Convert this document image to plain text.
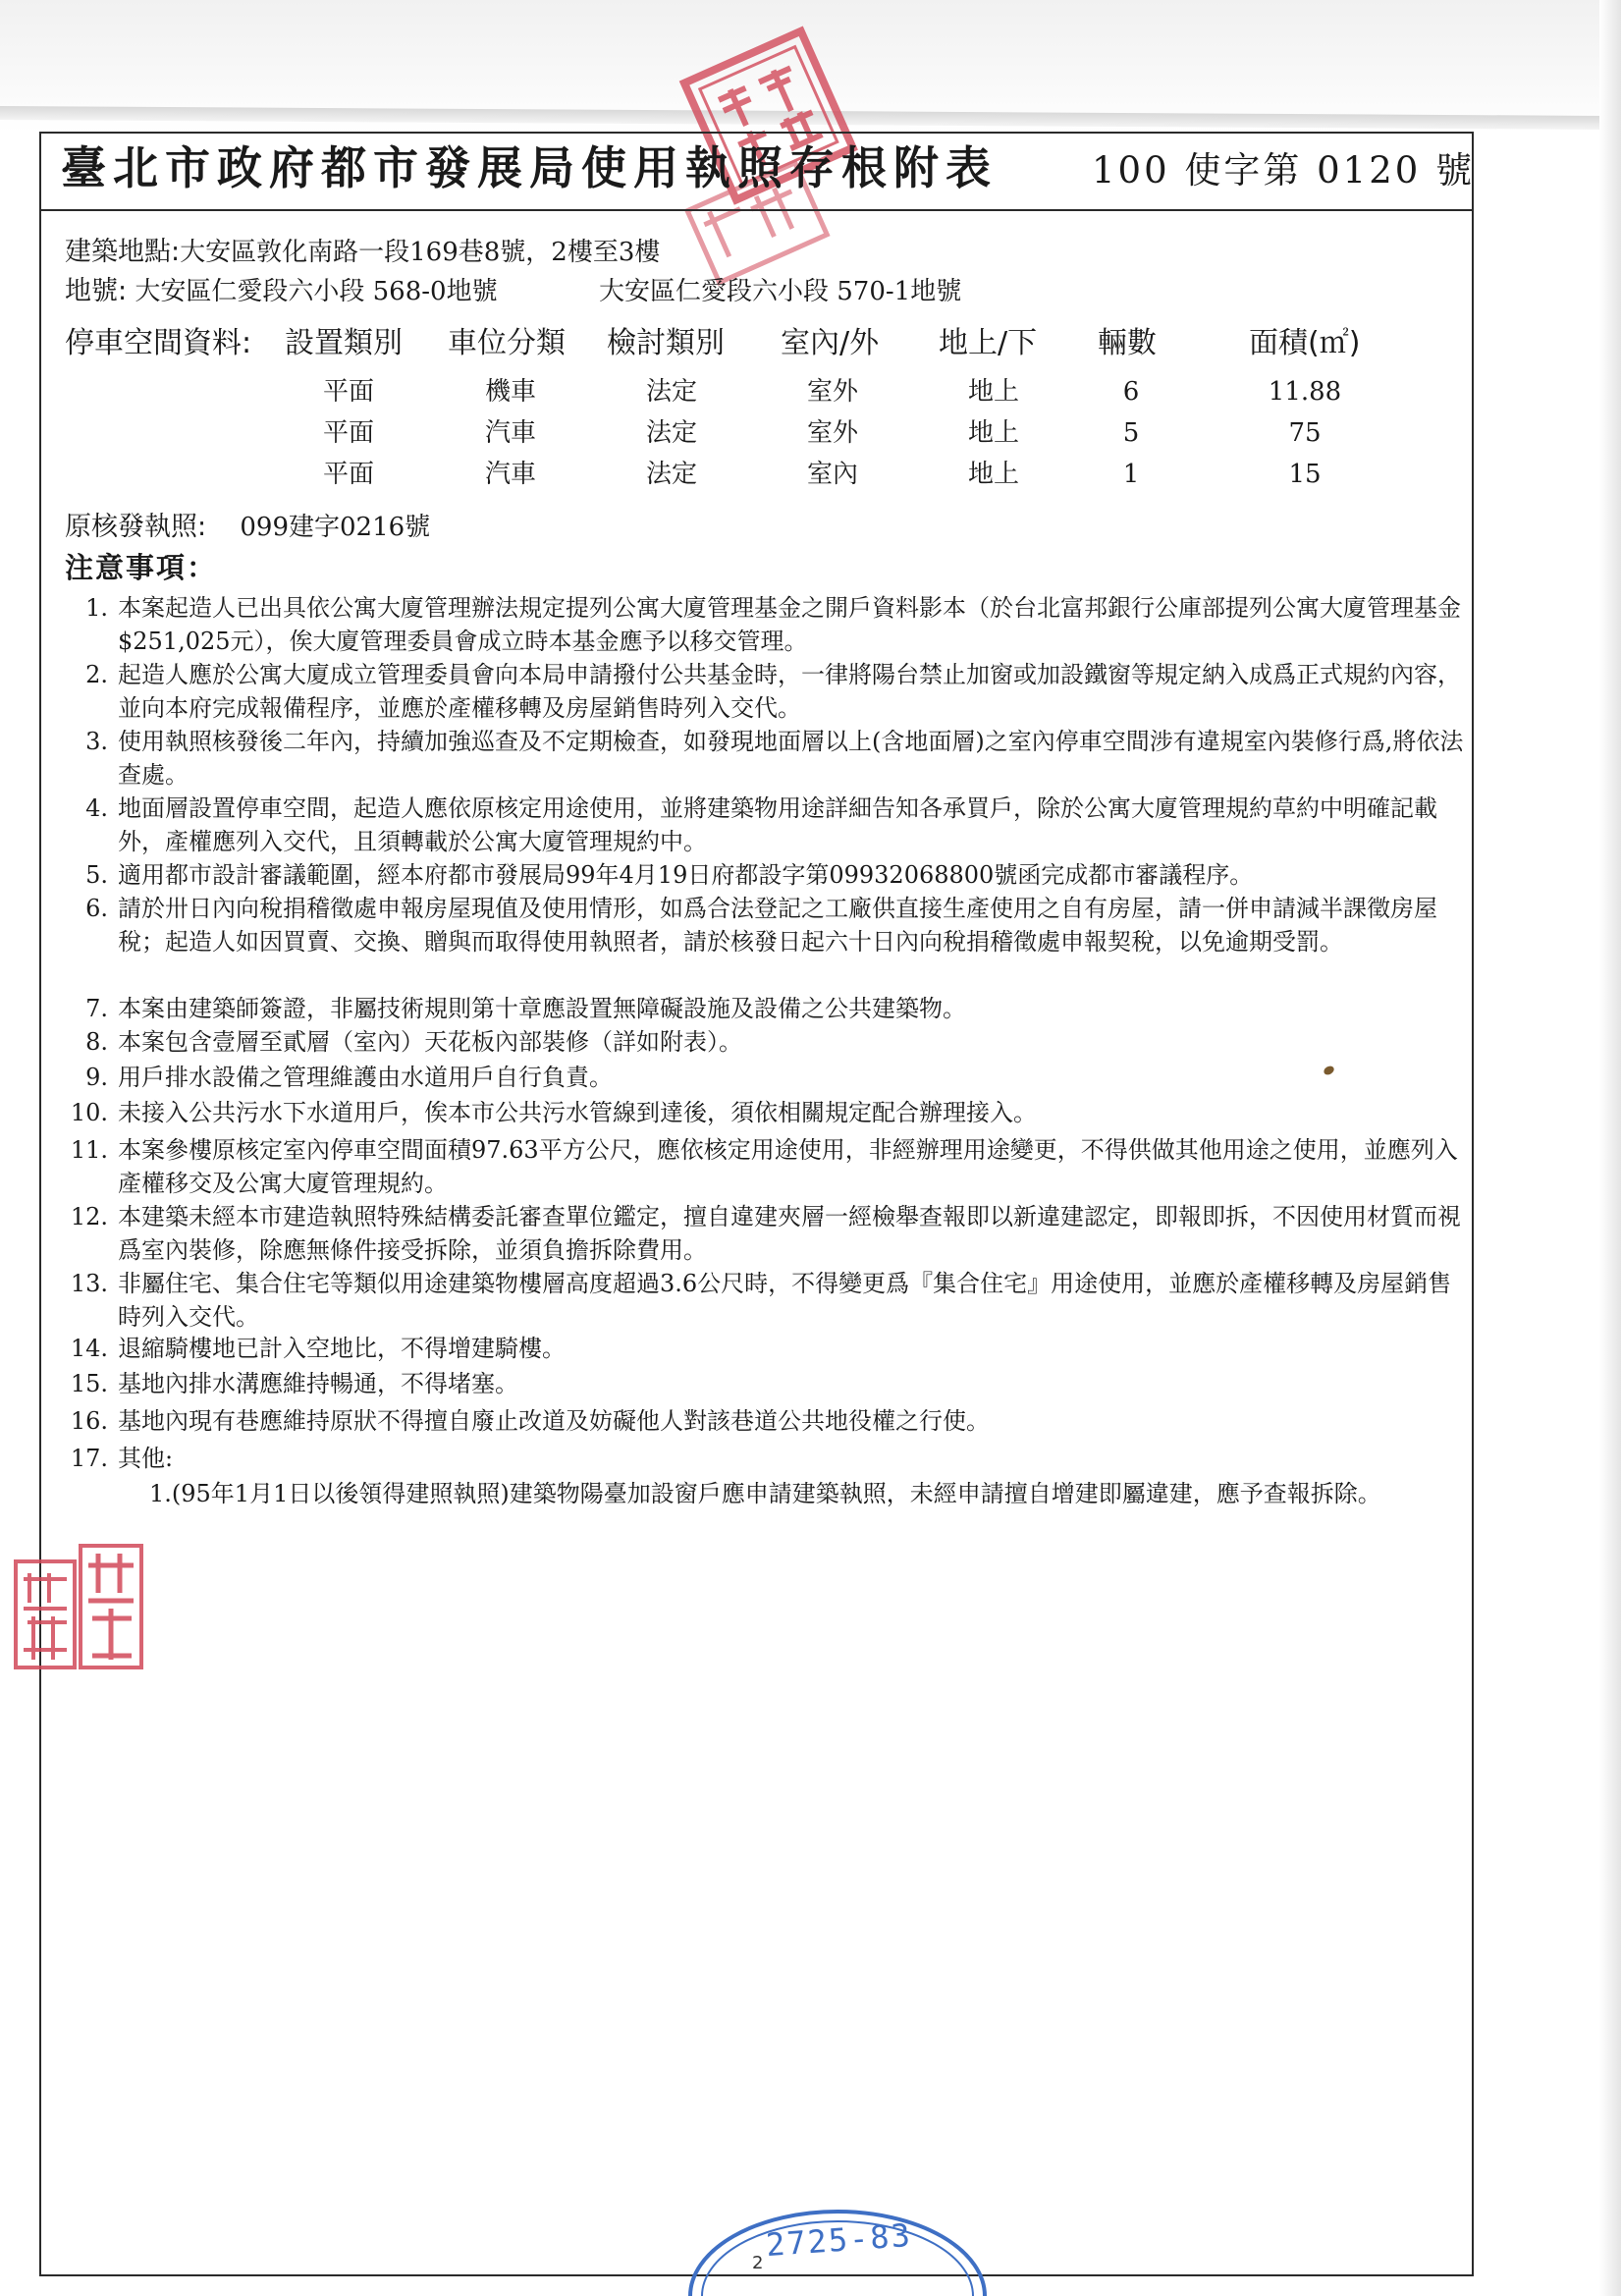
臺北市政府都市發展局使用執照存根附表	100 使字第 0120 號
建築地點:大安區敦化南路一段169巷8號，2樓至3樓
地號: 大安區仁愛段六小段 568-0地號	大安區仁愛段六小段 570-1地號
停車空間資料: 設置類別 車位分類 檢討類別 室內/外 地上/下 輛數	面積(㎡)
平面	機車	法定	室外	地上	6	11.88
平面	汽車	法定	室外	地上	5	75
平面	汽車	法定	室內	地上	1	15
原核發執照: 099建字0216號
注意事項：
1. 本案起造人已出具依公寓大廈管理辦法規定提列公寓大廈管理基金之開戶資料影本（於台北富邦銀行公庫部提列公寓大廈管理基金$251,025元），俟大廈管理委員會成立時本基金應予以移交管理。
2. 起造人應於公寓大廈成立管理委員會向本局申請撥付公共基金時，一律將陽台禁止加窗或加設鐵窗等規定納入成爲正式規約內容，並向本府完成報備程序，並應於產權移轉及房屋銷售時列入交代。
3. 使用執照核發後二年內，持續加強巡查及不定期檢查，如發現地面層以上(含地面層)之室內停車空間涉有違規室內裝修行爲,將依法查處。
4. 地面層設置停車空間，起造人應依原核定用途使用，並將建築物用途詳細告知各承買戶，除於公寓大廈管理規約草約中明確記載外，產權應列入交代，且須轉載於公寓大廈管理規約中。
5. 適用都市設計審議範圍，經本府都市發展局99年4月19日府都設字第09932068800號函完成都市審議程序。
6. 請於卅日內向稅捐稽徵處申報房屋現值及使用情形，如爲合法登記之工廠供直接生產使用之自有房屋，請一併申請減半課徵房屋稅；起造人如因買賣、交換、贈與而取得使用執照者，請於核發日起六十日內向稅捐稽徵處申報契稅，以免逾期受罰。
7. 本案由建築師簽證，非屬技術規則第十章應設置無障礙設施及設備之公共建築物。
8. 本案包含壹層至貳層（室內）天花板內部裝修（詳如附表）。
9. 用戶排水設備之管理維護由水道用戶自行負責。
10. 未接入公共污水下水道用戶，俟本市公共污水管線到達後，須依相關規定配合辦理接入。
11. 本案參樓原核定室內停車空間面積97.63平方公尺，應依核定用途使用，非經辦理用途變更，不得供做其他用途之使用，並應列入產權移交及公寓大廈管理規約。
12. 本建築未經本市建造執照特殊結構委託審查單位鑑定，擅自違建夾層一經檢舉查報即以新違建認定，即報即拆，不因使用材質而視爲室內裝修，除應無條件接受拆除，並須負擔拆除費用。
13. 非屬住宅、集合住宅等類似用途建築物樓層高度超過3.6公尺時，不得變更爲『集合住宅』用途使用，並應於產權移轉及房屋銷售時列入交代。
14. 退縮騎樓地已計入空地比，不得增建騎樓。
15. 基地內排水溝應維持暢通，不得堵塞。
16. 基地內現有巷應維持原狀不得擅自廢止改道及妨礙他人對該巷道公共地役權之行使。
17. 其他:
1.(95年1月1日以後領得建照執照)建築物陽臺加設窗戶應申請建築執照，未經申請擅自增建即屬違建，應予查報拆除。
2725-83
2
